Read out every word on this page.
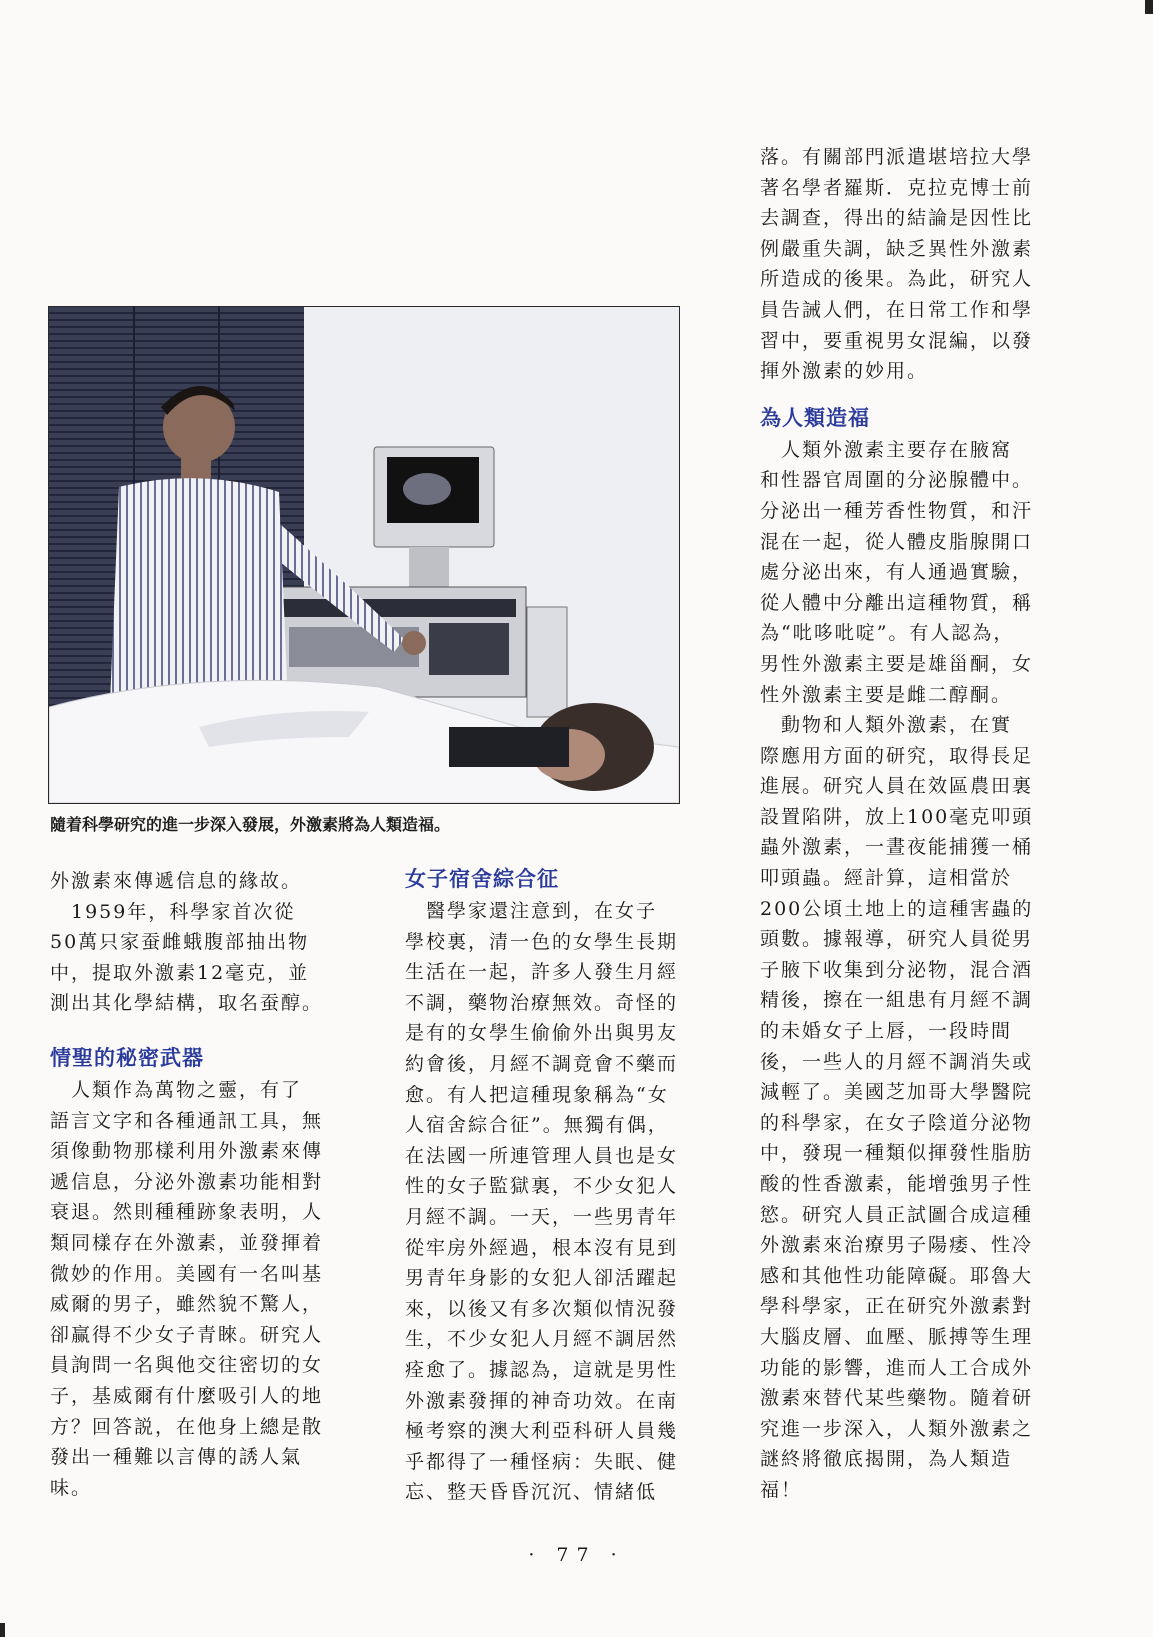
落。有關部門派遣堪培拉大學
著名學者羅斯．克拉克博士前
去調查，得出的結論是因性比
例嚴重失調，缺乏異性外激素
所造成的後果。為此，研究人
員告誡人們，在日常工作和學
習中，要重視男女混編，以發
揮外激素的妙用。
為人類造福
　人類外激素主要存在腋窩
和性器官周圍的分泌腺體中。
分泌出一種芳香性物質，和汗
混在一起，從人體皮脂腺開口
處分泌出來，有人通過實驗，
從人體中分離出這種物質，稱
為“吡哆吡啶”。有人認為，
男性外激素主要是雄甾酮，女
性外激素主要是雌二醇酮。
　動物和人類外激素，在實
際應用方面的研究，取得長足
進展。研究人員在效區農田裏
設置陷阱，放上100毫克叩頭
蟲外激素，一晝夜能捕獲一桶
叩頭蟲。經計算，這相當於
200公頃土地上的這種害蟲的
頭數。據報導，研究人員從男
子腋下收集到分泌物，混合酒
精後，擦在一組患有月經不調
的未婚女子上唇，一段時間
後，一些人的月經不調消失或
減輕了。美國芝加哥大學醫院
的科學家，在女子陰道分泌物
中，發現一種類似揮發性脂肪
酸的性香激素，能增強男子性
慾。研究人員正試圖合成這種
外激素來治療男子陽痿、性冷
感和其他性功能障礙。耶魯大
學科學家，正在研究外激素對
大腦皮層、血壓、脈搏等生理
功能的影響，進而人工合成外
激素來替代某些藥物。隨着研
究進一步深入，人類外激素之
謎終將徹底揭開，為人類造
福！
隨着科學研究的進一步深入發展，外激素將為人類造福。
女子宿舍綜合征
　醫學家還注意到，在女子
學校裏，清一色的女學生長期
生活在一起，許多人發生月經
不調，藥物治療無效。奇怪的
是有的女學生偷偷外出與男友
約會後，月經不調竟會不藥而
愈。有人把這種現象稱為“女
人宿舍綜合征”。無獨有偶，
在法國一所連管理人員也是女
性的女子監獄裏，不少女犯人
月經不調。一天，一些男青年
從牢房外經過，根本沒有見到
男青年身影的女犯人卻活躍起
來，以後又有多次類似情況發
生，不少女犯人月經不調居然
痊愈了。據認為，這就是男性
外激素發揮的神奇功效。在南
極考察的澳大利亞科研人員幾
乎都得了一種怪病：失眠、健
忘、整天昏昏沉沉、情緒低
外激素來傳遞信息的緣故。
　1959年，科學家首次從
50萬只家蚕雌蛾腹部抽出物
中，提取外激素12毫克，並
測出其化學結構，取名蚕醇。
情聖的秘密武器
　人類作為萬物之靈，有了
語言文字和各種通訊工具，無
須像動物那樣利用外激素來傳
遞信息，分泌外激素功能相對
衰退。然則種種跡象表明，人
類同樣存在外激素，並發揮着
微妙的作用。美國有一名叫基
威爾的男子，雖然貌不驚人，
卻赢得不少女子青睞。研究人
員詢問一名與他交往密切的女
子，基威爾有什麼吸引人的地
方？回答説，在他身上總是散
發出一種難以言傳的誘人氣
味。
· 77 ·
